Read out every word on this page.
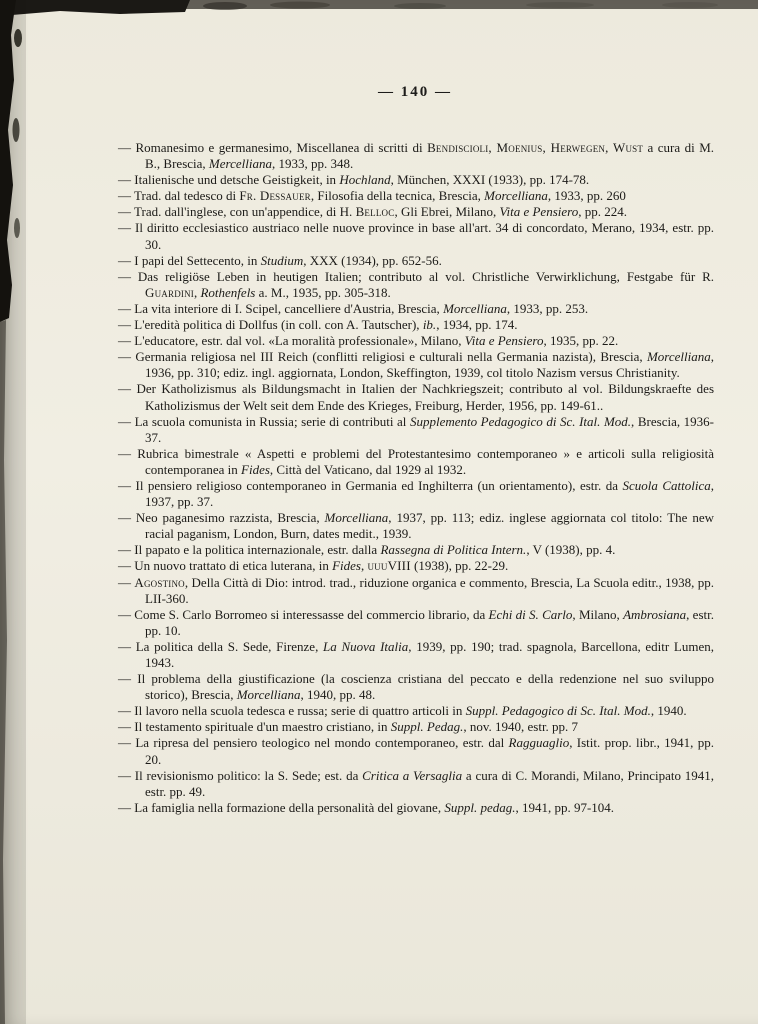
— 140 —
— Romanesimo e germanesimo, Miscellanea di scritti di Bendiscioli, Moenius, Herwegen, Wust a cura di M. B., Brescia, Mercelliana, 1933, pp. 348.
— Italienische und detsche Geistigkeit, in Hochland, München, XXXI (1933), pp. 174-78.
— Trad. dal tedesco di Fr. Dessauer, Filosofia della tecnica, Brescia, Morcelliana, 1933, pp. 260
— Trad. dall'inglese, con un'appendice, di H. Belloc, Gli Ebrei, Milano, Vita e Pensiero, pp. 224.
— Il diritto ecclesiastico austriaco nelle nuove province in base all'art. 34 di concordato, Merano, 1934, estr. pp. 30.
— I papi del Settecento, in Studium, XXX (1934), pp. 652-56.
— Das religiöse Leben in heutigen Italien; contributo al vol. Christliche Verwirklichung, Festgabe für R. Guardini, Rothenfels a. M., 1935, pp. 305-318.
— La vita interiore di I. Scipel, cancelliere d'Austria, Brescia, Morcelliana, 1933, pp. 253.
— L'eredità politica di Dollfus (in coll. con A. Tautscher), ib., 1934, pp. 174.
— L'educatore, estr. dal vol. «La moralità professionale», Milano, Vita e Pensiero, 1935, pp. 22.
— Germania religiosa nel III Reich (conflitti religiosi e culturali nella Germania nazista), Brescia, Morcelliana, 1936, pp. 310; ediz. ingl. aggiornata, London, Skeffington, 1939, col titolo Nazism versus Christianity.
— Der Katholizismus als Bildungsmacht in Italien der Nachkriegszeit; contributo al vol. Bildungskraefte des Katholizismus der Welt seit dem Ende des Krieges, Freiburg, Herder, 1956, pp. 149-61..
— La scuola comunista in Russia; serie di contributi al Supplemento Pedagogico di Sc. Ital. Mod., Brescia, 1936-37.
— Rubrica bimestrale « Aspetti e problemi del Protestantesimo contemporaneo » e articoli sulla religiosità contemporanea in Fides, Città del Vaticano, dal 1929 al 1932.
— Il pensiero religioso contemporaneo in Germania ed Inghilterra (un orientamento), estr. da Scuola Cattolica, 1937, pp. 37.
— Neo paganesimo razzista, Brescia, Morcelliana, 1937, pp. 113; ediz. inglese aggiornata col titolo: The new racial paganism, London, Burn, dates medit., 1939.
— Il papato e la politica internazionale, estr. dalla Rassegna di Politica Intern., V (1938), pp. 4.
— Un nuovo trattato di etica luterana, in Fides, uuuVIII (1938), pp. 22-29.
— Agostino, Della Città di Dio: introd. trad., riduzione organica e commento, Brescia, La Scuola editr., 1938, pp. LII-360.
— Come S. Carlo Borromeo si interessasse del commercio librario, da Echi di S. Carlo, Milano, Ambrosiana, estr. pp. 10.
— La politica della S. Sede, Firenze, La Nuova Italia, 1939, pp. 190; trad. spagnola, Barcellona, editr Lumen, 1943.
— Il problema della giustificazione (la coscienza cristiana del peccato e della redenzione nel suo sviluppo storico), Brescia, Morcelliana, 1940, pp. 48.
— Il lavoro nella scuola tedesca e russa; serie di quattro articoli in Suppl. Pedagogico di Sc. Ital. Mod., 1940.
— Il testamento spirituale d'un maestro cristiano, in Suppl. Pedag., nov. 1940, estr. pp. 7
— La ripresa del pensiero teologico nel mondo contemporaneo, estr. dal Ragguaglio, Istit. prop. libr., 1941, pp. 20.
— Il revisionismo politico: la S. Sede; est. da Critica a Versaglia a cura di C. Morandi, Milano, Principato 1941, estr. pp. 49.
— La famiglia nella formazione della personalità del giovane, Suppl. pedag., 1941, pp. 97-104.
